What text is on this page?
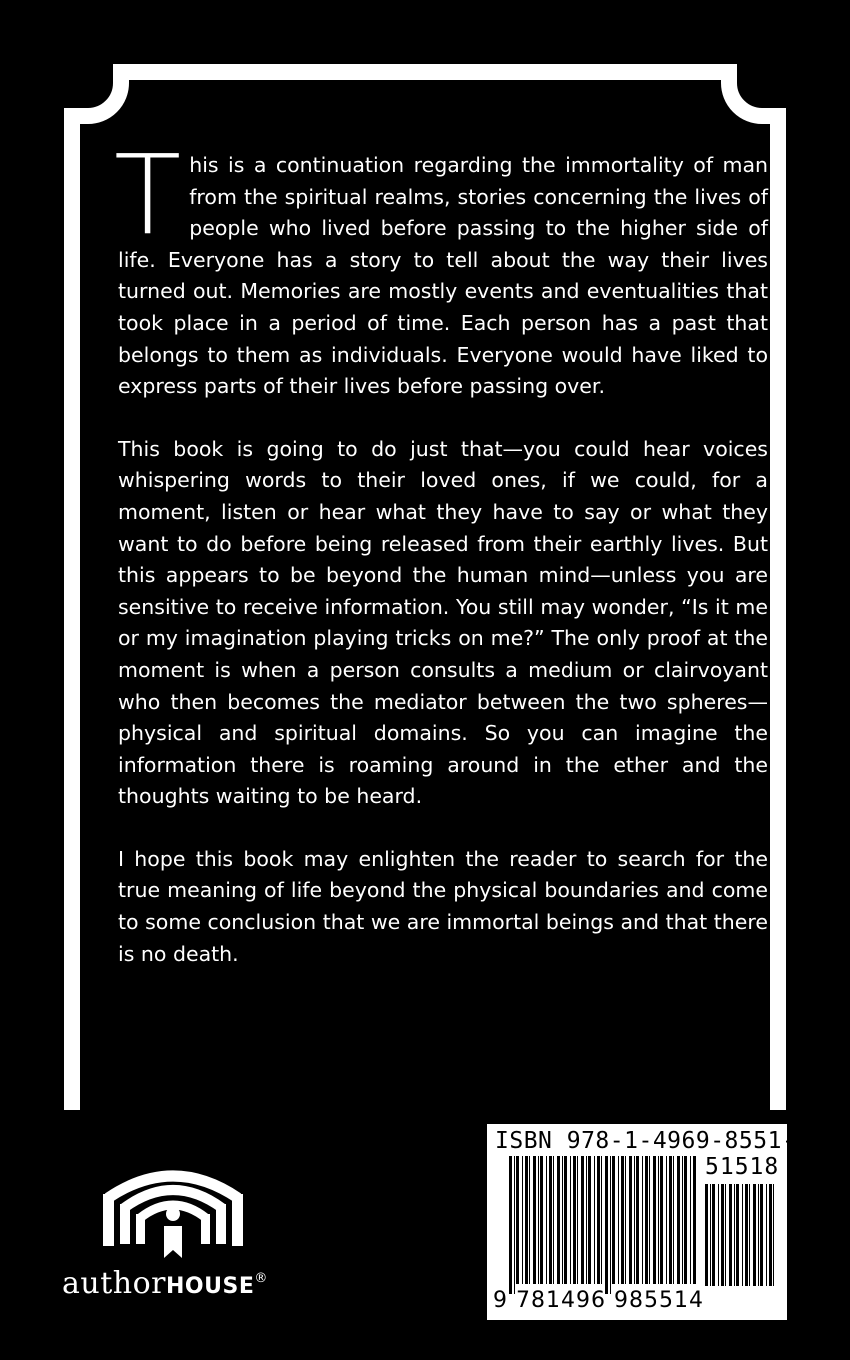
This is a continuation regarding the immortality of man from the spiritual realms, stories concerning the lives of people who lived before passing to the higher side of life. Everyone has a story to tell about the way their lives turned out. Memories are mostly events and eventualities that took place in a period of time. Each person has a past that belongs to them as individuals. Everyone would have liked to express parts of their lives before passing over.

This book is going to do just that—you could hear voices whispering words to their loved ones, if we could, for a moment, listen or hear what they have to say or what they want to do before being released from their earthly lives. But this appears to be beyond the human mind—unless you are sensitive to receive information. You still may wonder, “Is it me or my imagination playing tricks on me?” The only proof at the moment is when a person consults a medium or clairvoyant who then becomes the mediator between the two spheres—physical and spiritual domains. So you can imagine the information there is roaming around in the ether and the thoughts waiting to be heard.

I hope this book may enlighten the reader to search for the true meaning of life beyond the physical boundaries and come to some conclusion that we are immortal beings and that there is no death.

authorHOUSE®
ISBN 978-1-4969-8551-4
51518
9 781496 985514
